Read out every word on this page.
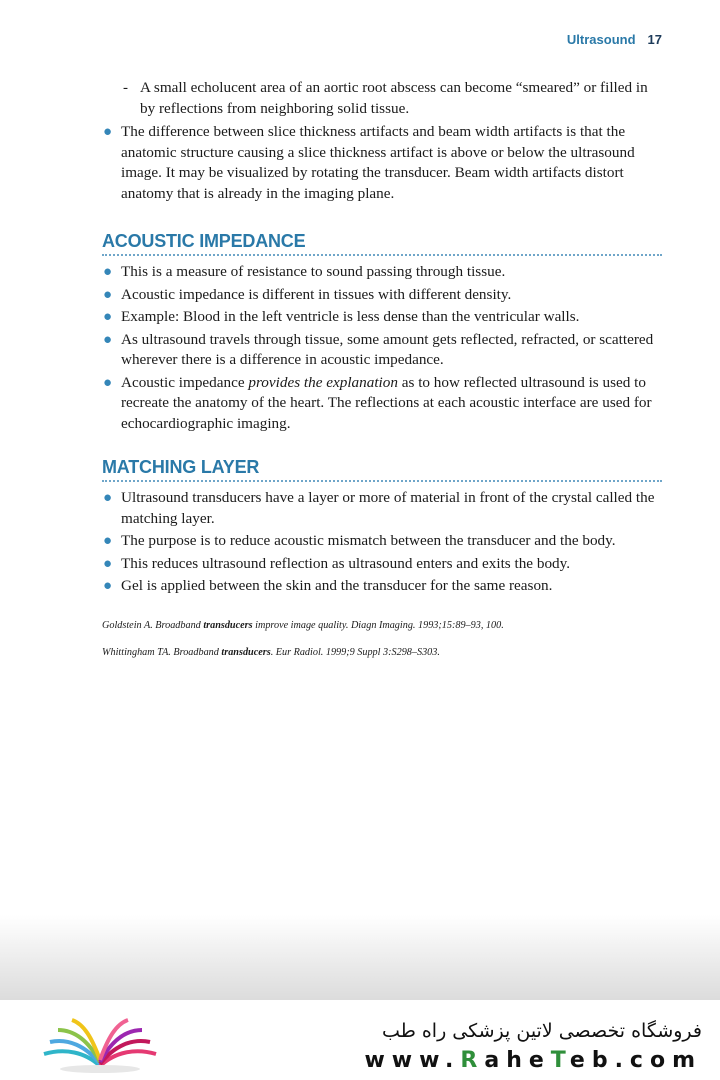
Ultrasound 17
- A small echolucent area of an aortic root abscess can become “smeared” or filled in by reflections from neighboring solid tissue.
● The difference between slice thickness artifacts and beam width artifacts is that the anatomic structure causing a slice thickness artifact is above or below the ultrasound image. It may be visualized by rotating the transducer. Beam width artifacts distort anatomy that is already in the imaging plane.
ACOUSTIC IMPEDANCE
● This is a measure of resistance to sound passing through tissue.
● Acoustic impedance is different in tissues with different density.
● Example: Blood in the left ventricle is less dense than the ventricular walls.
● As ultrasound travels through tissue, some amount gets reflected, refracted, or scattered wherever there is a difference in acoustic impedance.
● Acoustic impedance provides the explanation as to how reflected ultrasound is used to recreate the anatomy of the heart. The reflections at each acoustic interface are used for echocardiographic imaging.
MATCHING LAYER
● Ultrasound transducers have a layer or more of material in front of the crystal called the matching layer.
● The purpose is to reduce acoustic mismatch between the transducer and the body.
● This reduces ultrasound reflection as ultrasound enters and exits the body.
● Gel is applied between the skin and the transducer for the same reason.

Goldstein A. Broadband transducers improve image quality. Diagn Imaging. 1993;15:89–93, 100.

Whittingham TA. Broadband transducers. Eur Radiol. 1999;9 Suppl 3:S298–S303.

فروشگاه تخصصی لاتین پزشکی راه طب
www.RaheTeb.com
